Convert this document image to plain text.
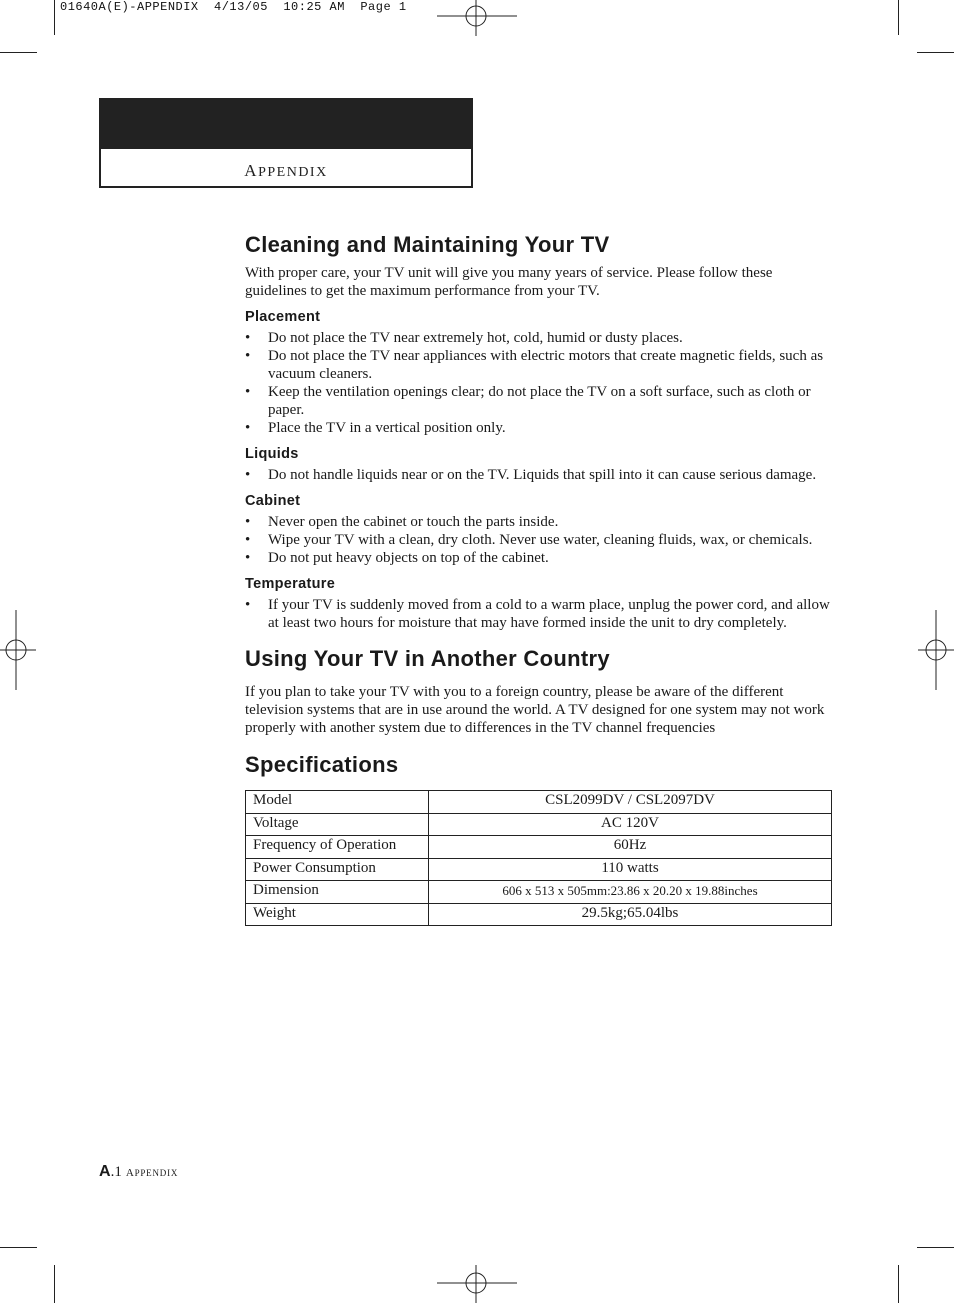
01640A(E)-APPENDIX  4/13/05  10:25 AM  Page 1
APPENDIX
Cleaning and Maintaining Your TV

With proper care, your TV unit will give you many years of service. Please follow these guidelines to get the maximum performance from your TV.

Placement
• Do not place the TV near extremely hot, cold, humid or dusty places.
• Do not place the TV near appliances with electric motors that create magnetic fields, such as vacuum cleaners.
• Keep the ventilation openings clear; do not place the TV on a soft surface, such as cloth or paper.
• Place the TV in a vertical position only.
Liquids
• Do not handle liquids near or on the TV. Liquids that spill into it can cause serious damage.
Cabinet
• Never open the cabinet or touch the parts inside.
• Wipe your TV with a clean, dry cloth. Never use water, cleaning fluids, wax, or chemicals.
• Do not put heavy objects on top of the cabinet.
Temperature
• If your TV is suddenly moved from a cold to a warm place, unplug the power cord, and allow at least two hours for moisture that may have formed inside the unit to dry completely.
Using Your TV in Another Country

If you plan to take your TV with you to a foreign country, please be aware of the different television systems that are in use around the world. A TV designed for one system may not work properly with another system due to differences in the TV channel frequencies

Specifications
Model	CSL2099DV / CSL2097DV
Voltage	AC 120V
Frequency of Operation	60Hz
Power Consumption	110 watts
Dimension	606 x 513 x 505mm:23.86 x 20.20 x 19.88inches
Weight	29.5kg;65.04lbs
A.1 APPENDIX
